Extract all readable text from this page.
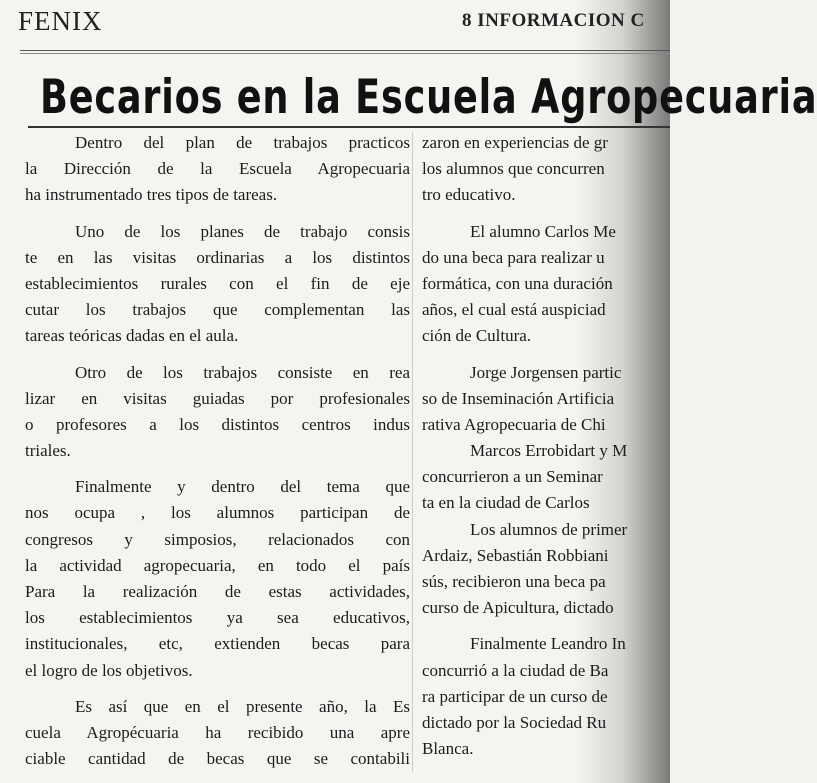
FENIX	8 INFORMACION C
Becarios en la Escuela Agropecuaria
Dentro del plan de trabajos practicos
la Dirección de la Escuela Agropecuaria
ha instrumentado tres tipos de tareas.
Uno de los planes de trabajo consis
te en las visitas ordinarias a los distintos
establecimientos rurales con el fin de eje
cutar los trabajos que complementan las
tareas teóricas dadas en el aula.
Otro de los trabajos consiste en rea
lizar en visitas guiadas por profesionales
o profesores a los distintos centros indus
triales.
Finalmente y dentro del tema que
nos ocupa , los alumnos participan de
congresos y simposios, relacionados con
la actividad agropecuaria, en todo el país
Para la realización de estas actividades,
los establecimientos ya sea educativos,
institucionales, etc, extienden becas para
el logro de los objetivos.
Es así que en el presente año, la Es
cuela Agropécuaria ha recibido una apre
ciable cantidad de becas que se contabili
zaron en experiencias de gr
los alumnos que concurren
tro educativo.
El alumno Carlos Me
do una beca para realizar u
formática, con una duración
años, el cual está auspiciad
ción de Cultura.
Jorge Jorgensen partic
so de Inseminación Artificia
rativa Agropecuaria de Chi
Marcos Errobidart y M
concurrieron a un Seminar
ta en la ciudad de Carlos
Los alumnos de primer
Ardaiz, Sebastián Robbiani
sús, recibieron una beca pa
curso de Apicultura, dictado
Finalmente Leandro In
concurrió a la ciudad de Ba
ra participar de un curso de
dictado por la Sociedad Ru
Blanca.
